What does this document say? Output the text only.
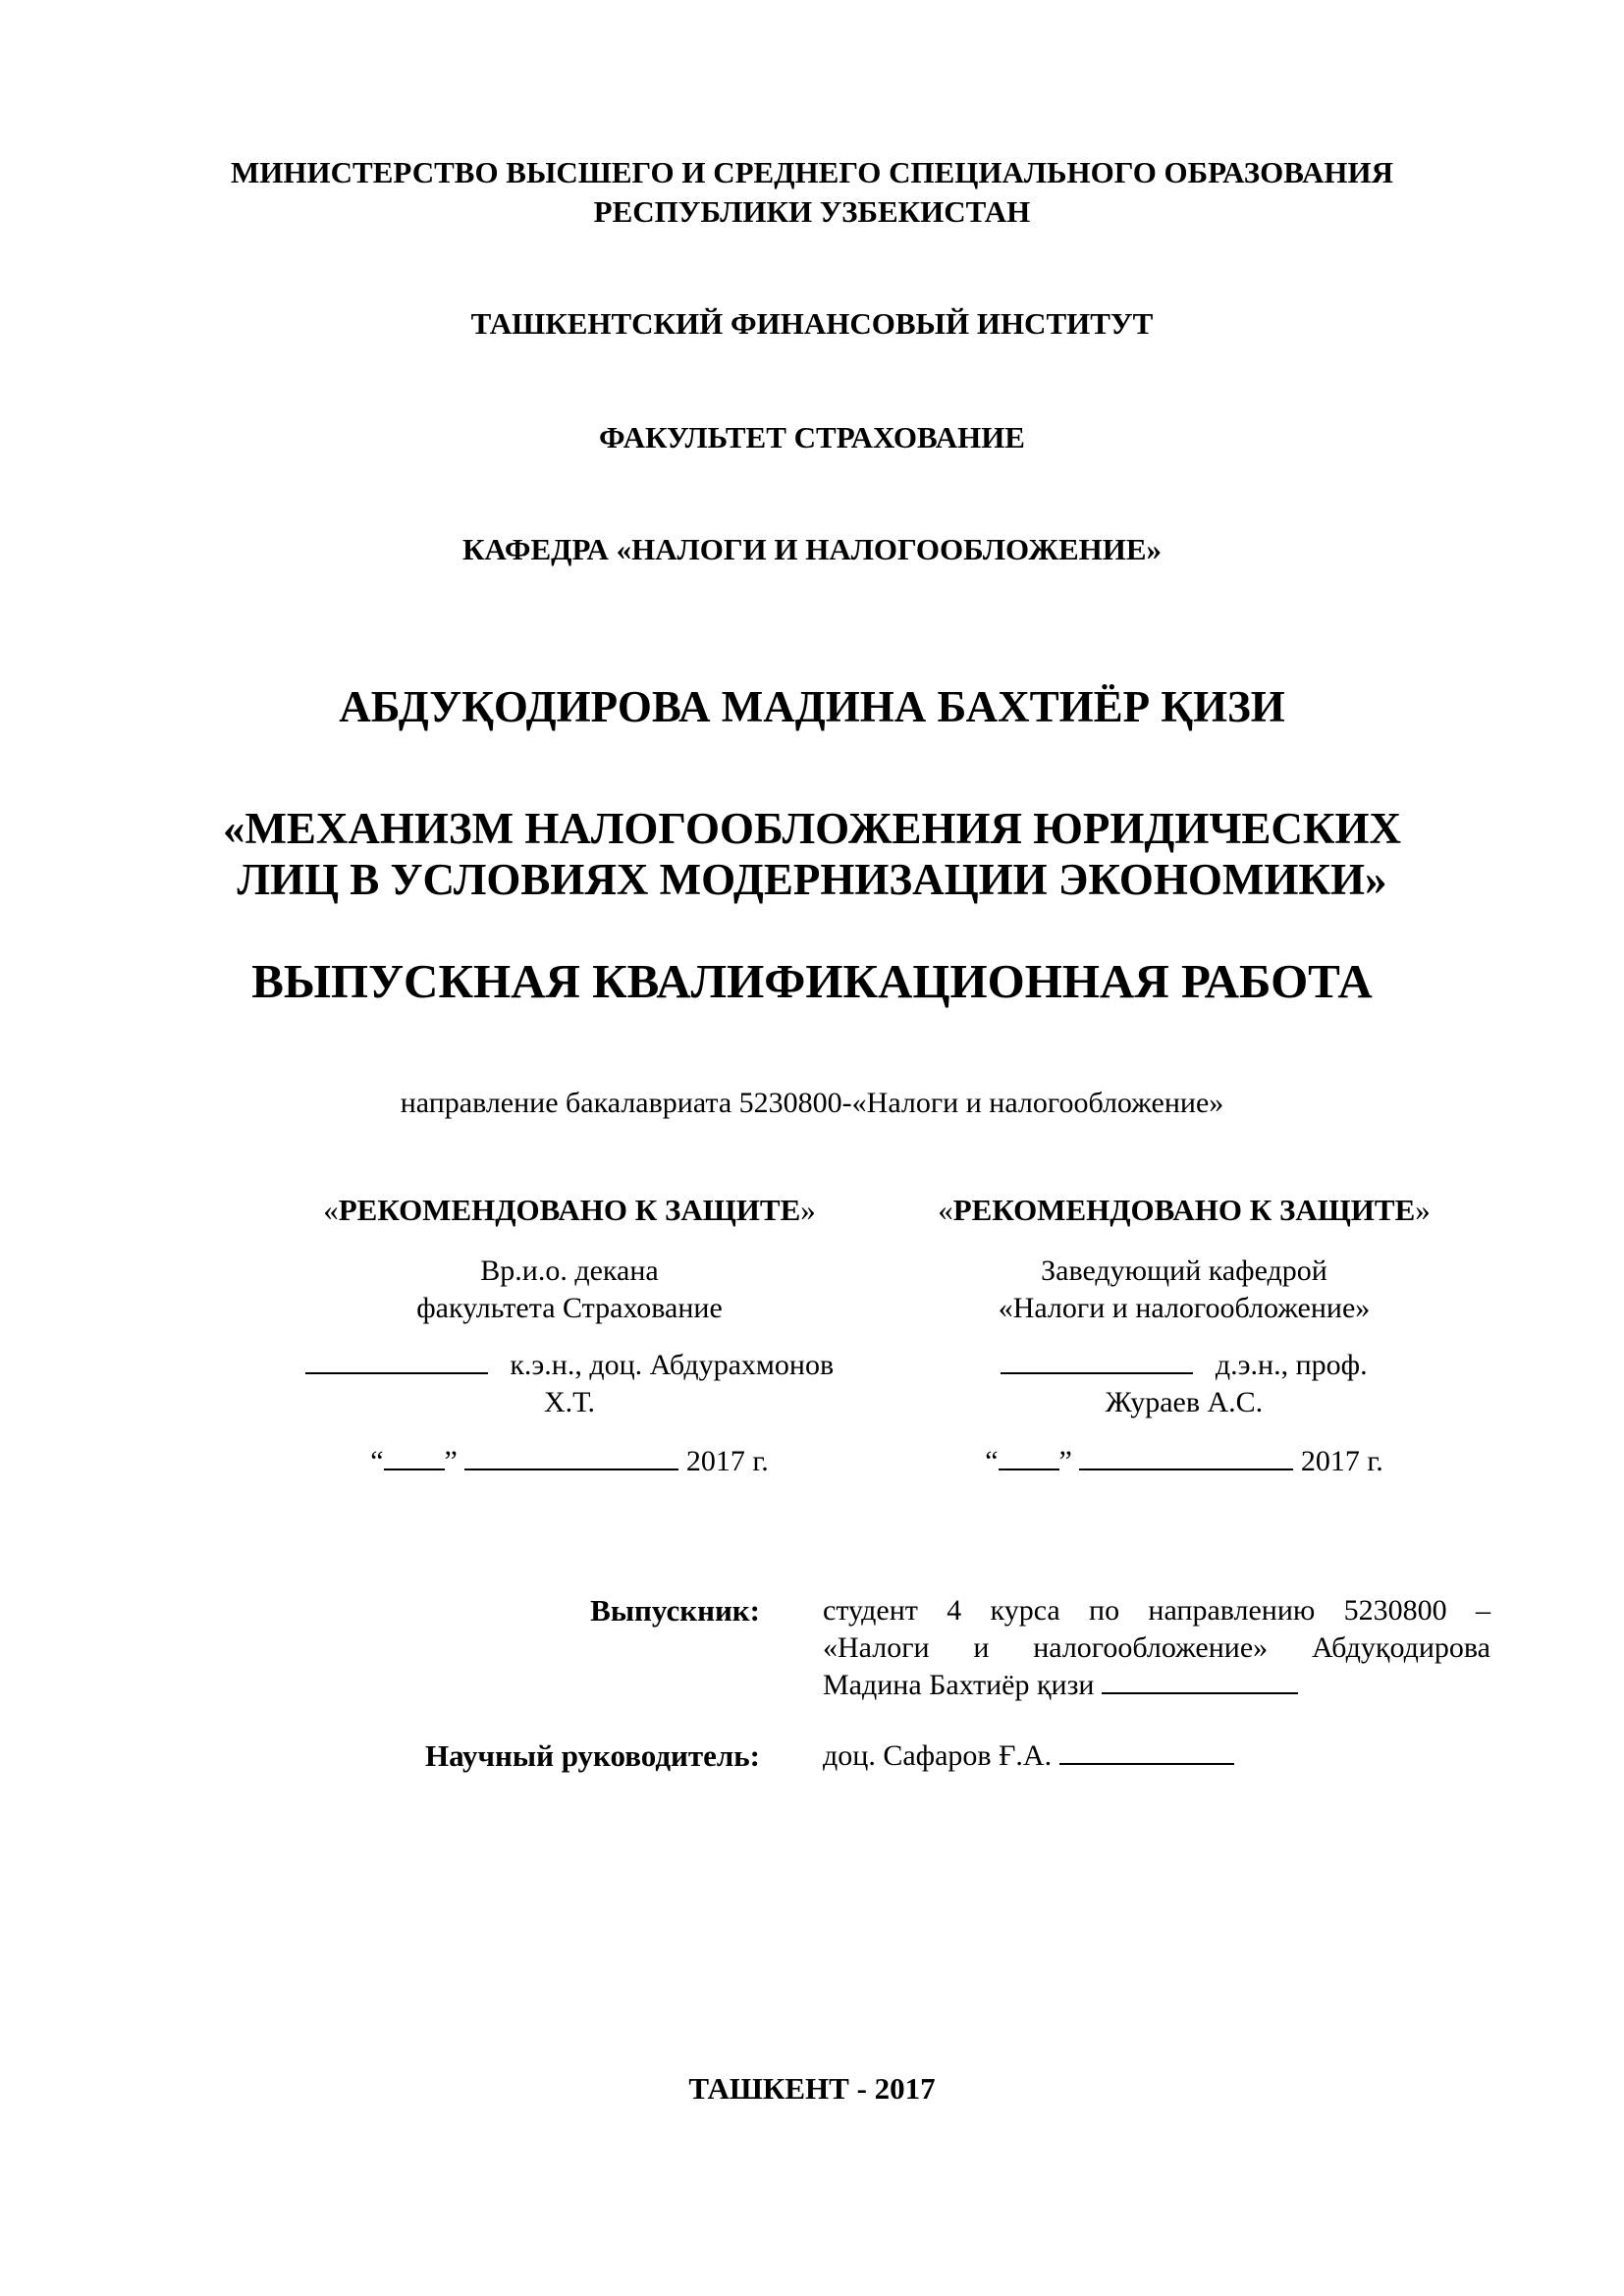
МИНИСТЕРСТВО ВЫСШЕГО И СРЕДНЕГО СПЕЦИАЛЬНОГО ОБРАЗОВАНИЯ
РЕСПУБЛИКИ УЗБЕКИСТАН
ТАШКЕНТСКИЙ ФИНАНСОВЫЙ ИНСТИТУТ
ФАКУЛЬТЕТ СТРАХОВАНИЕ
КАФЕДРА «НАЛОГИ И НАЛОГООБЛОЖЕНИЕ»
АБДУҚОДИРОВА МАДИНА БАХТИЁР ҚИЗИ
«МЕХАНИЗМ НАЛОГООБЛОЖЕНИЯ ЮРИДИЧЕСКИХ
ЛИЦ В УСЛОВИЯХ МОДЕРНИЗАЦИИ ЭКОНОМИКИ»
ВЫПУСКНАЯ КВАЛИФИКАЦИОННАЯ РАБОТА
направление бакалавриата 5230800-«Налоги и налогообложение»
«РЕКОМЕНДОВАНО К ЗАЩИТЕ»
Вр.и.о. декана
факультета Страхование
к.э.н., доц. Абдурахмонов
Х.Т.
“ ”	2017 г.
«РЕКОМЕНДОВАНО К ЗАЩИТЕ»
Заведующий кафедрой
«Налоги и налогообложение»
д.э.н., проф.
Жураев А.С.
“ ”	2017 г.
Выпускник: студент 4 курса по направлению 5230800 –
«Налоги и налогообложение» Абдуқодирова
Мадина Бахтиёр қизи
Научный руководитель: доц. Сафаров Ғ.А.
ТАШКЕНТ - 2017
